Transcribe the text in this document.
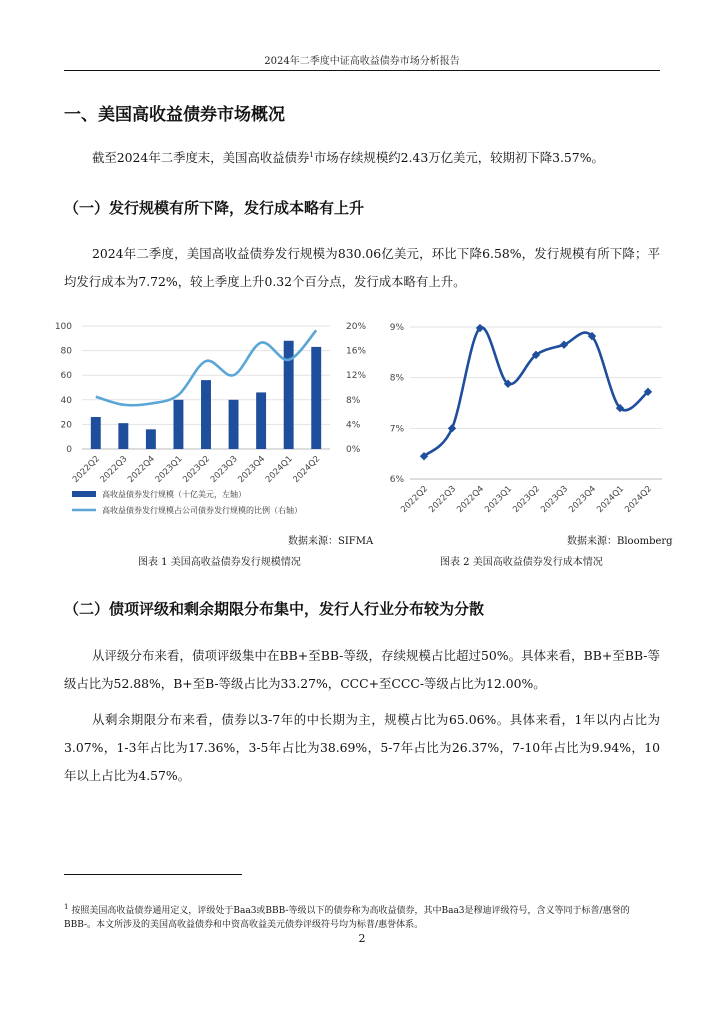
2024年二季度中证高收益债券市场分析报告
一、美国高收益债券市场概况

截至2024年二季度末，美国高收益债券$^1$市场存续规模约2.43万亿美元，较期初下降3.57%。

（一）发行规模有所下降，发行成本略有上升

2024年二季度，美国高收益债券发行规模为830.06亿美元，环比下降6.58%，发行规模有所下降；平均发行成本为7.72%，较上季度上升0.32个百分点，发行成本略有上升。

0	0%
20	4%
40	8%
60	12%
80	16%
100	20%
2022Q2
2022Q3
2022Q4
2023Q1
2023Q2
2023Q3
2023Q4
2024Q1
2024Q2
高收益债券发行规模（十亿美元，左轴）
高收益债券发行规模占公司债券发行规模的比例（右轴）
数据来源：SIFMA
图表 1 美国高收益债券发行规模情况
6%
7%
8%
9%
2022Q2
2022Q3
2022Q4
2023Q1
2023Q2
2023Q3
2023Q4
2024Q1
2024Q2
数据来源：Bloomberg
图表 2 美国高收益债券发行成本情况
（二）债项评级和剩余期限分布集中，发行人行业分布较为分散

从评级分布来看，债项评级集中在BB+至BB-等级，存续规模占比超过50%。具体来看，BB+至BB-等级占比为52.88%，B+至B-等级占比为33.27%，CCC+至CCC-等级占比为12.00%。

从剩余期限分布来看，债券以3-7年的中长期为主，规模占比为65.06%。具体来看，1年以内占比为3.07%，1-3年占比为17.36%，3-5年占比为38.69%，5-7年占比为26.37%，7-10年占比为9.94%，10年以上占比为4.57%。

$^1$ 按照美国高收益债券通用定义，评级处于Baa3或BBB-等级以下的债券称为高收益债券，其中Baa3是穆迪评级符号，含义等同于标普/惠誉的BBB-。本文所涉及的美国高收益债券和中资高收益美元债券评级符号均为标普/惠誉体系。

2
